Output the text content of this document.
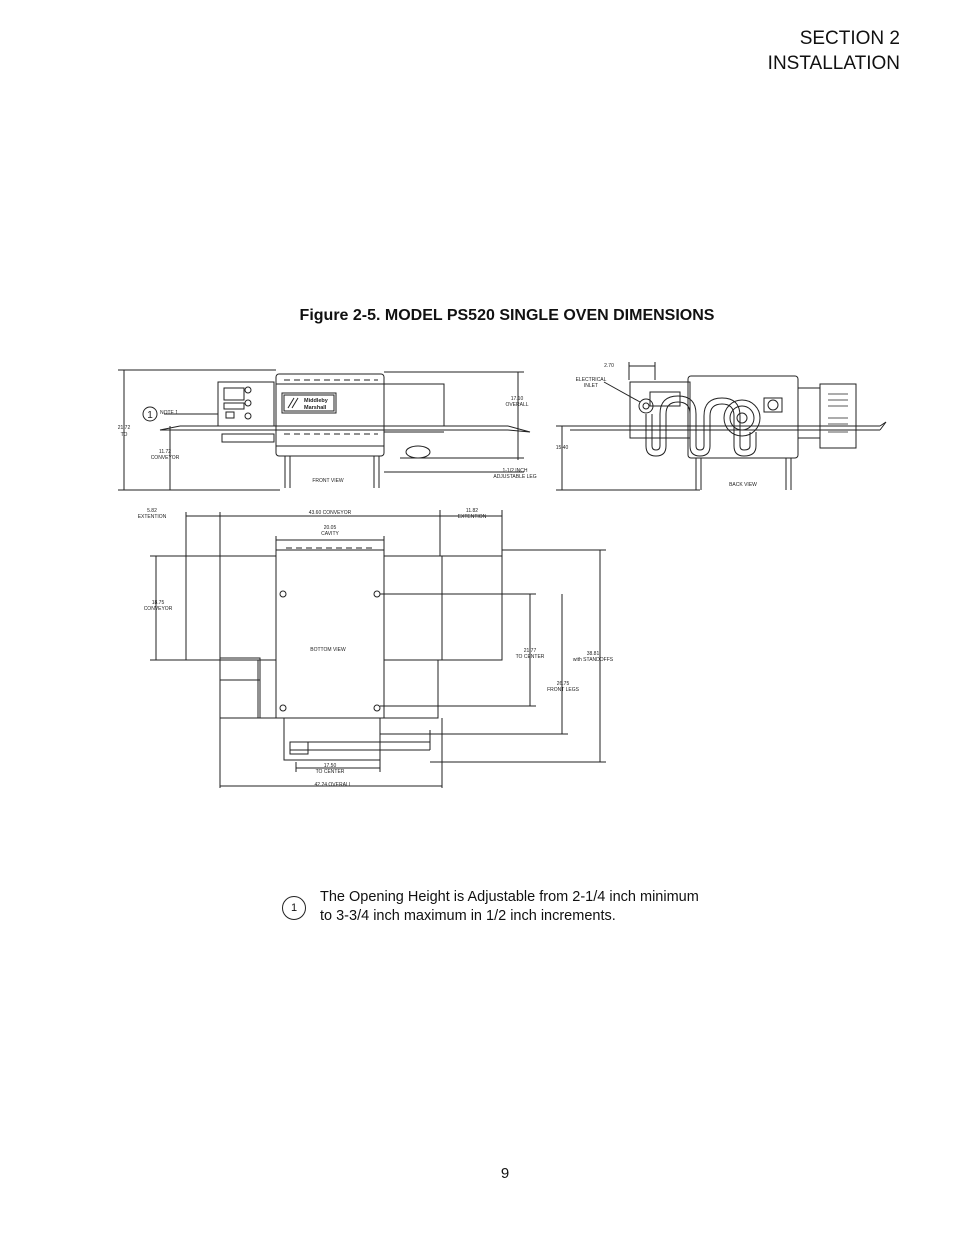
SECTION 2
INSTALLATION
Figure 2-5. MODEL PS520 SINGLE OVEN DIMENSIONS
1
Middleby
Marshall
NOTE 1
21.72
TO
11.72
CONVEYOR
17.10
OVERALL
1-1/2 INCH
ADJUSTABLE LEG
FRONT VIEW
2.70
ELECTRICAL
INLET
15.40
BACK VIEW
5.82
EXTENTION
43.60 CONVEYOR	11.82
EXTENTION
20.05
CAVITY
18.75
CONVEYOR
BOTTOM VIEW	21.77
TO CENTER	38.81
with STANDOFFS
26.75
FRONT LEGS
17.50
TO CENTER
42.24 OVERALL
1
The Opening Height is Adjustable from 2-1/4 inch minimum
to 3-3/4 inch maximum in 1/2 inch increments.
9
